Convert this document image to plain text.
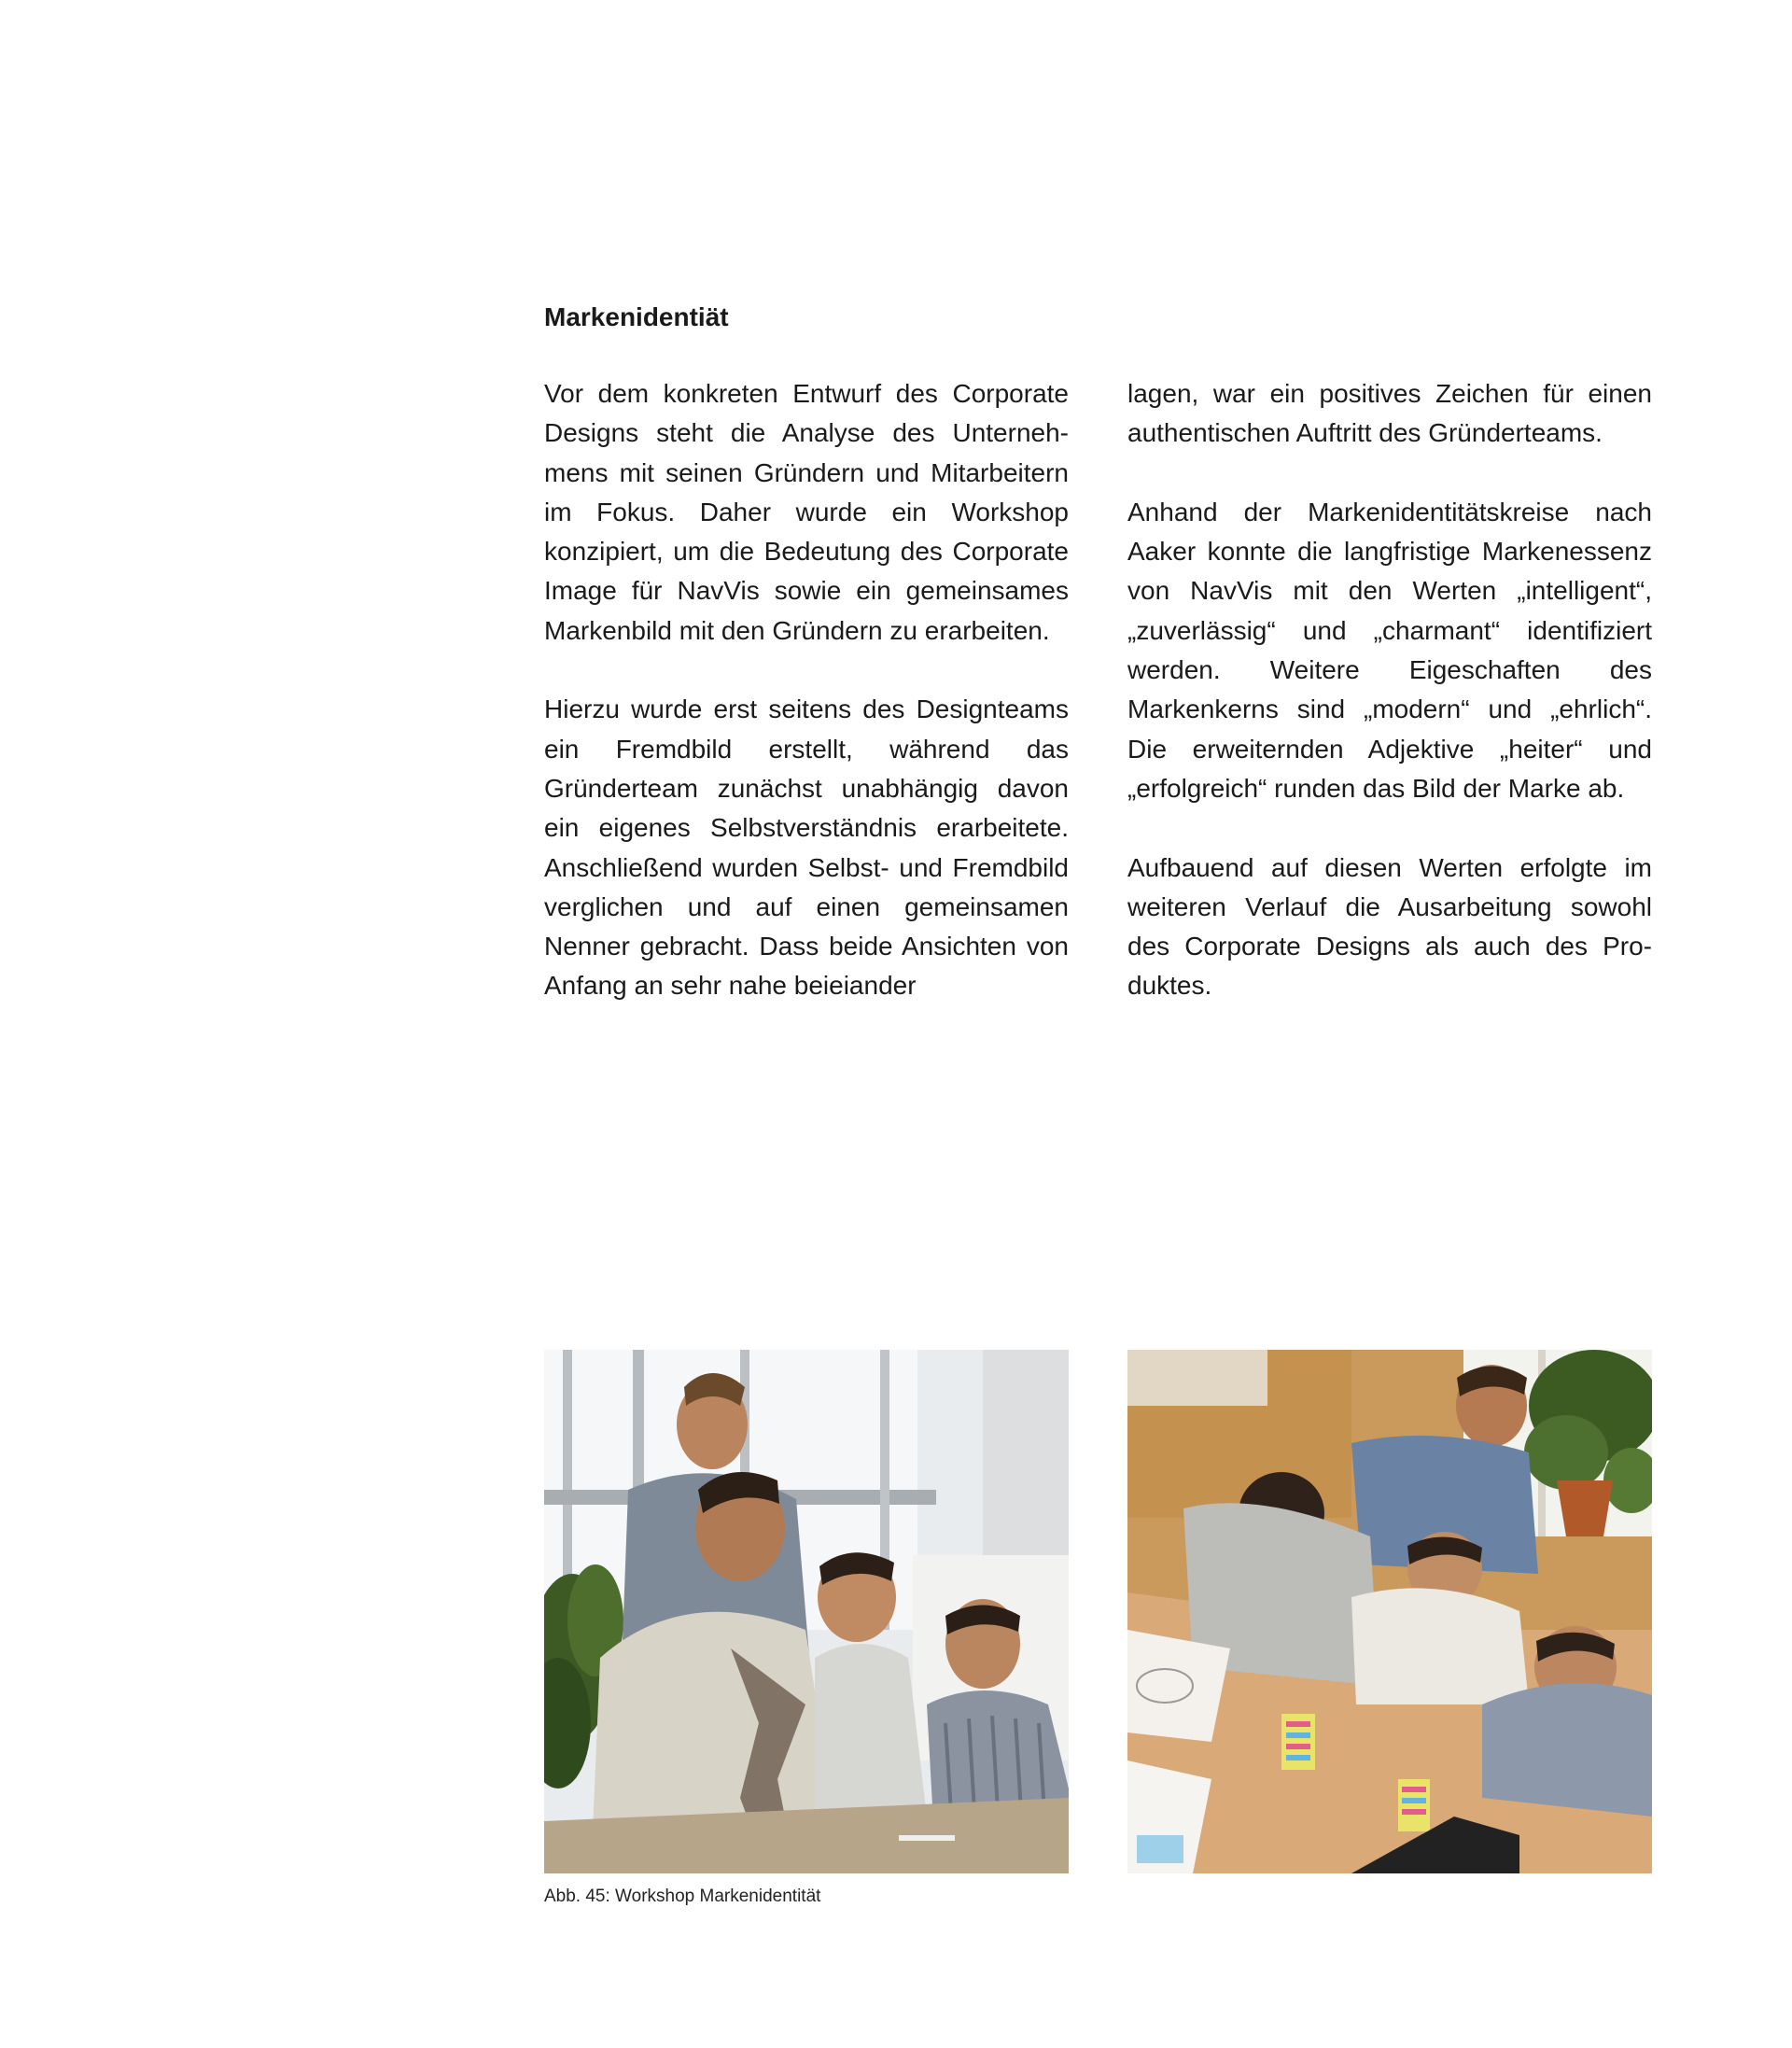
Markenidentiät

Vor dem konkreten Entwurf des Corporate Designs steht die Analyse des Unternehmens mit seinen Gründern und Mitarbeitern im Fokus. Daher wurde ein Workshop konzipiert, um die Bedeutung des Corporate Image für NavVis sowie ein gemeinsames Markenbild mit den Gründern zu erarbeiten.

Hierzu wurde erst seitens des Designteams ein Fremdbild erstellt, während das Gründerteam zunächst unabhängig davon ein eigenes Selbstverständnis erarbeitete. Anschließend wurden Selbst- und Fremdbild verglichen und auf einen gemeinsamen Nenner gebracht. Dass beide Ansichten von Anfang an sehr nahe beieiander

lagen, war ein positives Zeichen für einen authentischen Auftritt des Gründerteams.

Anhand der Markenidentitätskreise nach Aaker konnte die langfristige Markenessenz von NavVis mit den Werten „intelligent“, „zuverlässig“ und „charmant“ identifiziert werden. Weitere Eigeschaften des Markenkerns sind „modern“ und „ehrlich“. Die erweiternden Adjektive „heiter“ und „erfolgreich“ runden das Bild der Marke ab.

Aufbauend auf diesen Werten erfolgte im weiteren Verlauf die Ausarbeitung sowohl des Corporate Designs als auch des Produktes.

Abb. 45: Workshop Markenidentität
